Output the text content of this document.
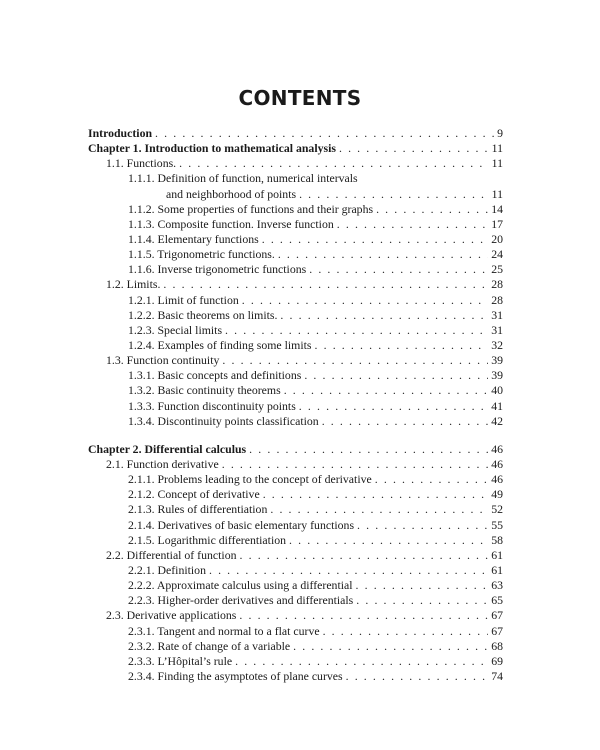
CONTENTS
Introduction . . .	9
Chapter 1. Introduction to mathematical analysis . . .	11
1.1. Functions. . . .	11
1.1.1. Definition of function, numerical intervals
and neighborhood of points . . .	11
1.1.2. Some properties of functions and their graphs . . .	14
1.1.3. Composite function. Inverse function . . .	17
1.1.4. Elementary functions . . .	20
1.1.5. Trigonometric functions. . . .	24
1.1.6. Inverse trigonometric functions . . .	25
1.2. Limits. . . .	28
1.2.1. Limit of function . . .	28
1.2.2. Basic theorems on limits. . . .	31
1.2.3. Special limits . . .	31
1.2.4. Examples of finding some limits . . .	32
1.3. Function continuity . . .	39
1.3.1. Basic concepts and definitions . . .	39
1.3.2. Basic continuity theorems . . .	40
1.3.3. Function discontinuity points . . .	41
1.3.4. Discontinuity points classification . . .	42
Chapter 2. Differential calculus . . .	46
2.1. Function derivative . . .	46
2.1.1. Problems leading to the concept of derivative . . .	46
2.1.2. Concept of derivative . . .	49
2.1.3. Rules of differentiation . . .	52
2.1.4. Derivatives of basic elementary functions . . .	55
2.1.5. Logarithmic differentiation . . .	58
2.2. Differential of function . . .	61
2.2.1. Definition . . .	61
2.2.2. Approximate calculus using a differential . . .	63
2.2.3. Higher-order derivatives and differentials . . .	65
2.3. Derivative applications . . .	67
2.3.1. Tangent and normal to a flat curve . . .	67
2.3.2. Rate of change of a variable . . .	68
2.3.3. L’Hôpital’s rule . . .	69
2.3.4. Finding the asymptotes of plane curves . . .	74
